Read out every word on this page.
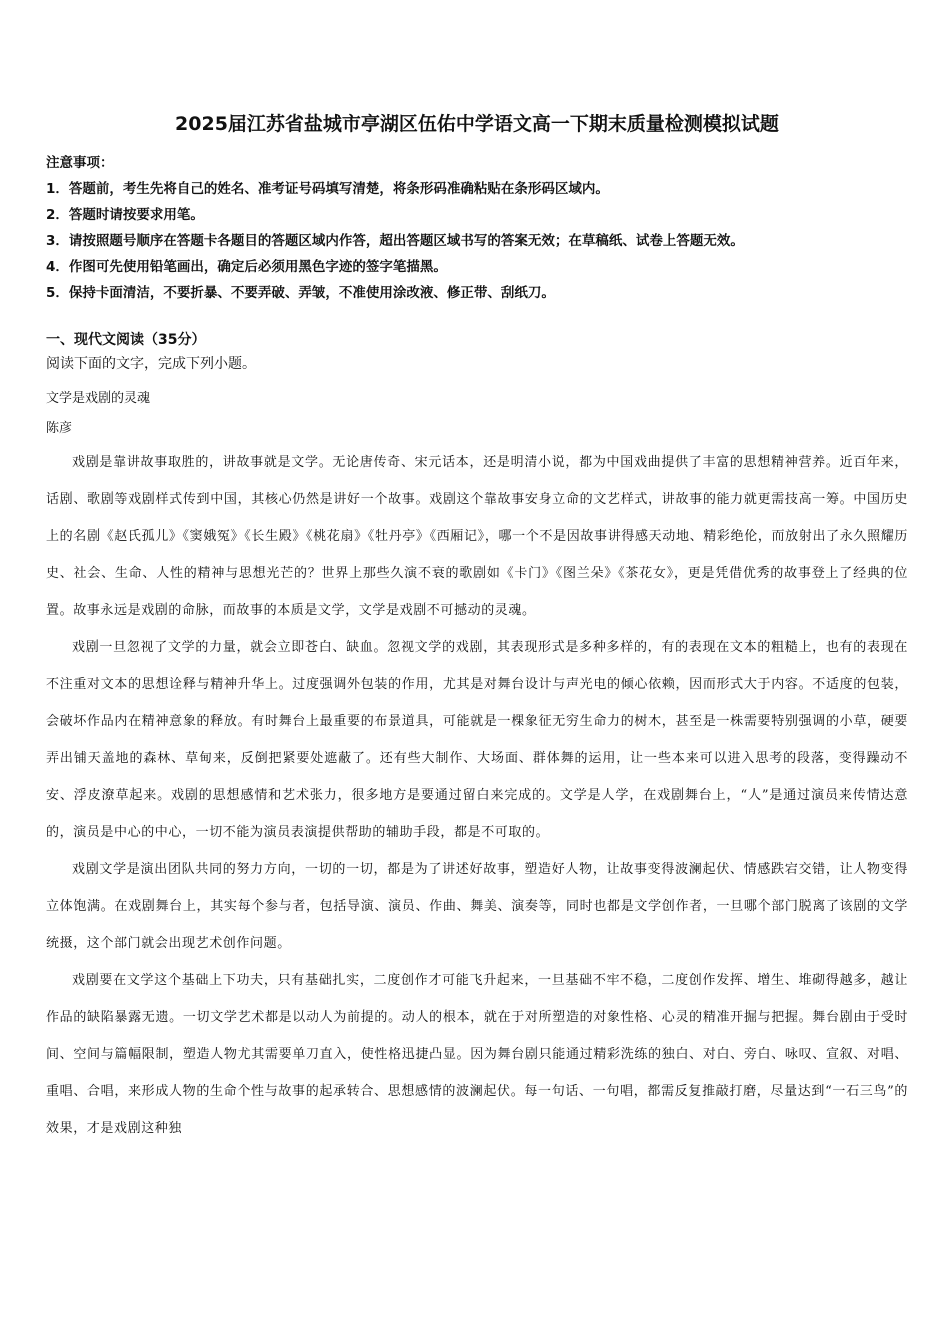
2025届江苏省盐城市亭湖区伍佑中学语文高一下期末质量检测模拟试题

注意事项：

1．答题前，考生先将自己的姓名、准考证号码填写清楚，将条形码准确粘贴在条形码区域内。

2．答题时请按要求用笔。

3．请按照题号顺序在答题卡各题目的答题区域内作答，超出答题区域书写的答案无效；在草稿纸、试卷上答题无效。

4．作图可先使用铅笔画出，确定后必须用黑色字迹的签字笔描黑。

5．保持卡面清洁，不要折暴、不要弄破、弄皱，不准使用涂改液、修正带、刮纸刀。

一、现代文阅读（35分）

阅读下面的文字，完成下列小题。

文学是戏剧的灵魂

陈彦

戏剧是靠讲故事取胜的，讲故事就是文学。无论唐传奇、宋元话本，还是明清小说，都为中国戏曲提供了丰富的思想精神营养。近百年来，话剧、歌剧等戏剧样式传到中国，其核心仍然是讲好一个故事。戏剧这个靠故事安身立命的文艺样式，讲故事的能力就更需技高一筹。中国历史上的名剧《赵氏孤儿》《窦娥冤》《长生殿》《桃花扇》《牡丹亭》《西厢记》，哪一个不是因故事讲得感天动地、精彩绝伦，而放射出了永久照耀历史、社会、生命、人性的精神与思想光芒的？世界上那些久演不衰的歌剧如《卡门》《图兰朵》《茶花女》，更是凭借优秀的故事登上了经典的位置。故事永远是戏剧的命脉，而故事的本质是文学，文学是戏剧不可撼动的灵魂。

戏剧一旦忽视了文学的力量，就会立即苍白、缺血。忽视文学的戏剧，其表现形式是多种多样的，有的表现在文本的粗糙上，也有的表现在不注重对文本的思想诠释与精神升华上。过度强调外包装的作用，尤其是对舞台设计与声光电的倾心依赖，因而形式大于内容。不适度的包装，会破坏作品内在精神意象的释放。有时舞台上最重要的布景道具，可能就是一棵象征无穷生命力的树木，甚至是一株需要特别强调的小草，硬要弄出铺天盖地的森林、草甸来，反倒把紧要处遮蔽了。还有些大制作、大场面、群体舞的运用，让一些本来可以进入思考的段落，变得躁动不安、浮皮潦草起来。戏剧的思想感情和艺术张力，很多地方是要通过留白来完成的。文学是人学，在戏剧舞台上，“人”是通过演员来传情达意的，演员是中心的中心，一切不能为演员表演提供帮助的辅助手段，都是不可取的。

戏剧文学是演出团队共同的努力方向，一切的一切，都是为了讲述好故事，塑造好人物，让故事变得波澜起伏、情感跌宕交错，让人物变得立体饱满。在戏剧舞台上，其实每个参与者，包括导演、演员、作曲、舞美、演奏等，同时也都是文学创作者，一旦哪个部门脱离了该剧的文学统摄，这个部门就会出现艺术创作问题。

戏剧要在文学这个基础上下功夫，只有基础扎实，二度创作才可能飞升起来，一旦基础不牢不稳，二度创作发挥、增生、堆砌得越多，越让作品的缺陷暴露无遗。一切文学艺术都是以动人为前提的。动人的根本，就在于对所塑造的对象性格、心灵的精准开掘与把握。舞台剧由于受时间、空间与篇幅限制，塑造人物尤其需要单刀直入，使性格迅捷凸显。因为舞台剧只能通过精彩洗练的独白、对白、旁白、咏叹、宣叙、对唱、重唱、合唱，来形成人物的生命个性与故事的起承转合、思想感情的波澜起伏。每一句话、一句唱，都需反复推敲打磨，尽量达到“一石三鸟”的效果，才是戏剧这种独
